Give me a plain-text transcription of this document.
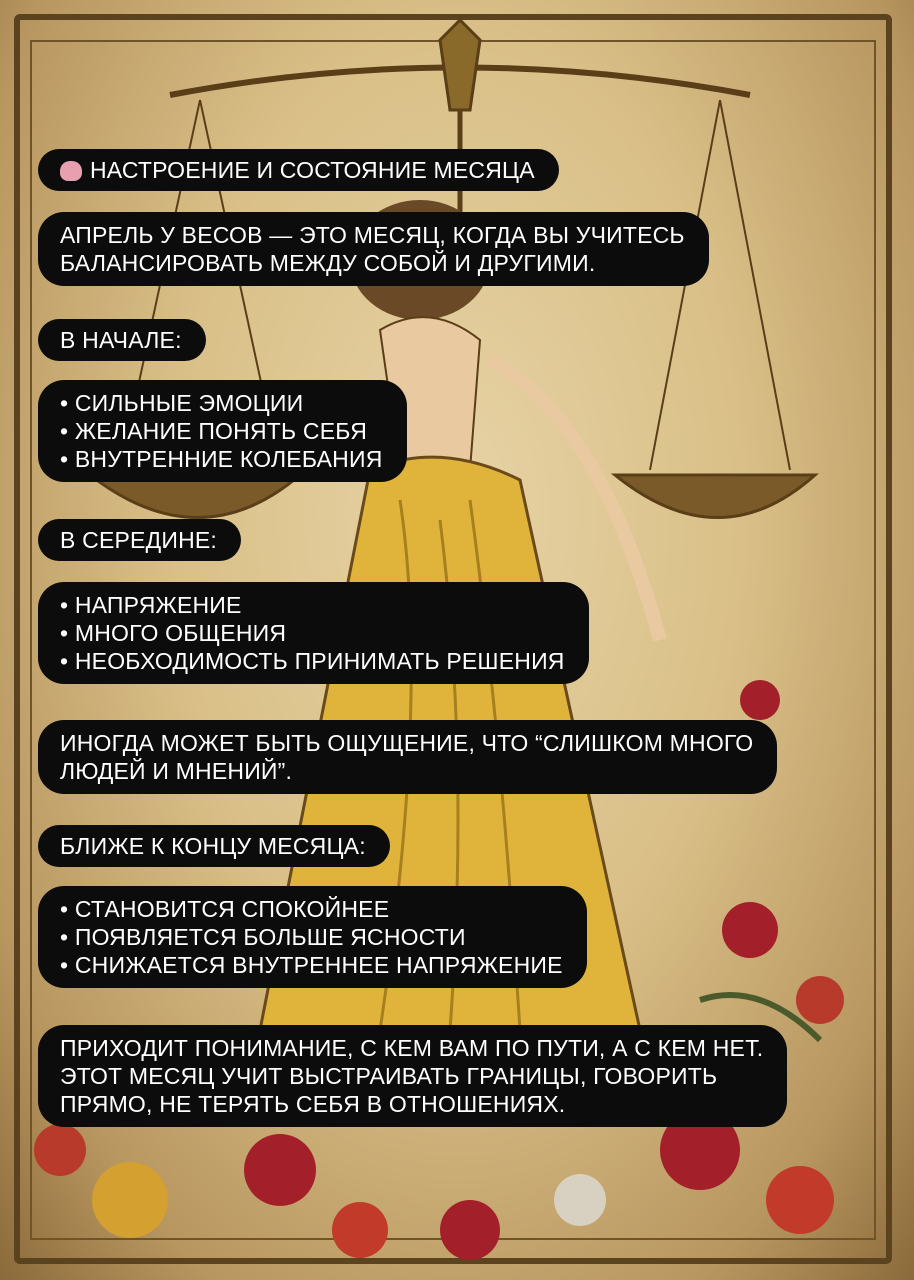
НАСТРОЕНИЕ И СОСТОЯНИЕ МЕСЯЦА
АПРЕЛЬ У ВЕСОВ — ЭТО МЕСЯЦ, КОГДА ВЫ УЧИТЕСЬ
БАЛАНСИРОВАТЬ МЕЖДУ СОБОЙ И ДРУГИМИ.
В НАЧАЛЕ:
• СИЛЬНЫЕ ЭМОЦИИ
• ЖЕЛАНИЕ ПОНЯТЬ СЕБЯ
• ВНУТРЕННИЕ КОЛЕБАНИЯ
В СЕРЕДИНЕ:
• НАПРЯЖЕНИЕ
• МНОГО ОБЩЕНИЯ
• НЕОБХОДИМОСТЬ ПРИНИМАТЬ РЕШЕНИЯ
ИНОГДА МОЖЕТ БЫТЬ ОЩУЩЕНИЕ, ЧТО “СЛИШКОМ МНОГО
ЛЮДЕЙ И МНЕНИЙ”.
БЛИЖЕ К КОНЦУ МЕСЯЦА:
• СТАНОВИТСЯ СПОКОЙНЕЕ
• ПОЯВЛЯЕТСЯ БОЛЬШЕ ЯСНОСТИ
• СНИЖАЕТСЯ ВНУТРЕННЕЕ НАПРЯЖЕНИЕ
ПРИХОДИТ ПОНИМАНИЕ, С КЕМ ВАМ ПО ПУТИ, А С КЕМ НЕТ.
ЭТОТ МЕСЯЦ УЧИТ ВЫСТРАИВАТЬ ГРАНИЦЫ, ГОВОРИТЬ
ПРЯМО, НЕ ТЕРЯТЬ СЕБЯ В ОТНОШЕНИЯХ.
